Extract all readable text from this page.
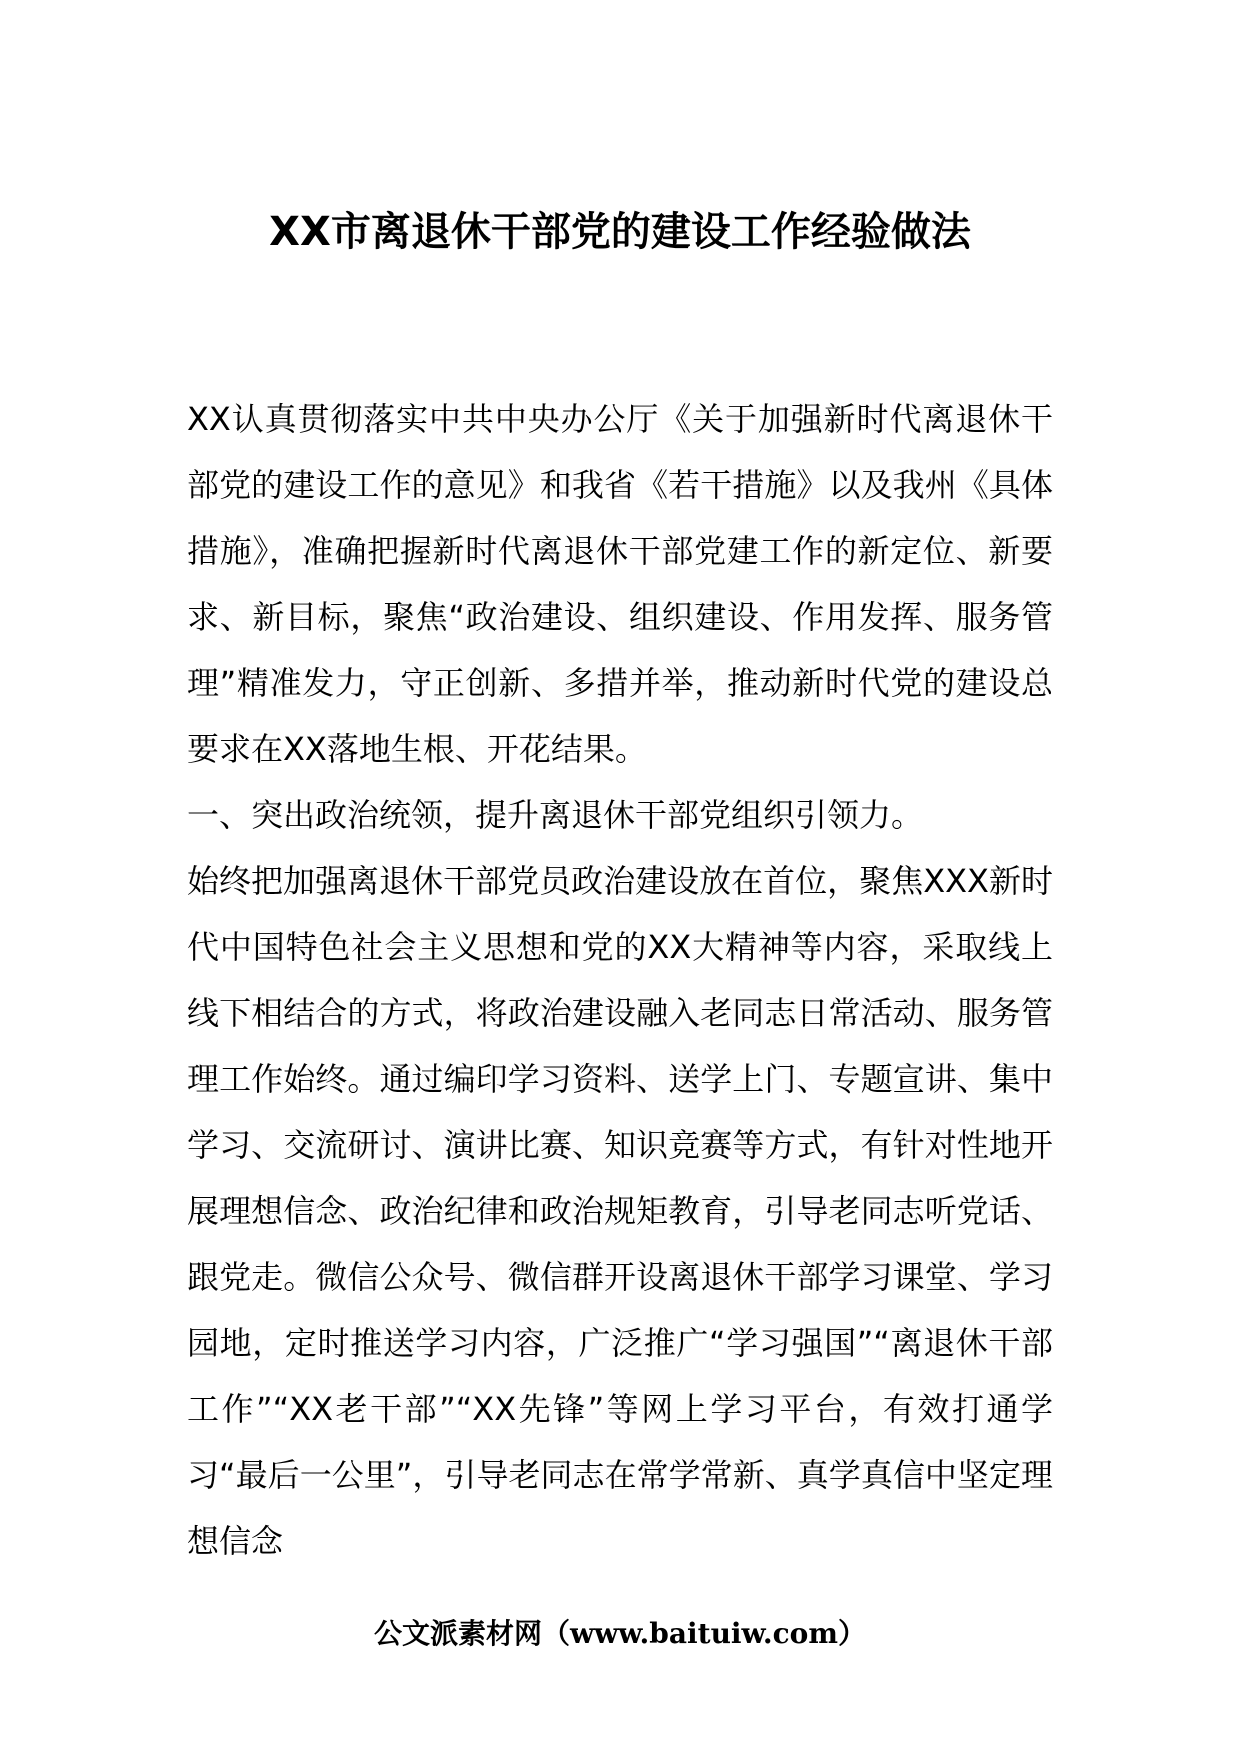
XX市离退休干部党的建设工作经验做法

XX认真贯彻落实中共中央办公厅《关于加强新时代离退休干部党的建设工作的意见》和我省《若干措施》以及我州《具体措施》，准确把握新时代离退休干部党建工作的新定位、新要求、新目标，聚焦“政治建设、组织建设、作用发挥、服务管理”精准发力，守正创新、多措并举，推动新时代党的建设总要求在XX落地生根、开花结果。

一、突出政治统领，提升离退休干部党组织引领力。

始终把加强离退休干部党员政治建设放在首位，聚焦XXX新时代中国特色社会主义思想和党的XX大精神等内容，采取线上线下相结合的方式，将政治建设融入老同志日常活动、服务管理工作始终。通过编印学习资料、送学上门、专题宣讲、集中学习、交流研讨、演讲比赛、知识竞赛等方式，有针对性地开展理想信念、政治纪律和政治规矩教育，引导老同志听党话、跟党走。微信公众号、微信群开设离退休干部学习课堂、学习园地，定时推送学习内容，广泛推广“学习强国”“离退休干部工作”“XX老干部”“XX先锋”等网上学习平台，有效打通学习“最后一公里”，引导老同志在常学常新、真学真信中坚定理想信念

公文派素材网（www.baituiw.com）
